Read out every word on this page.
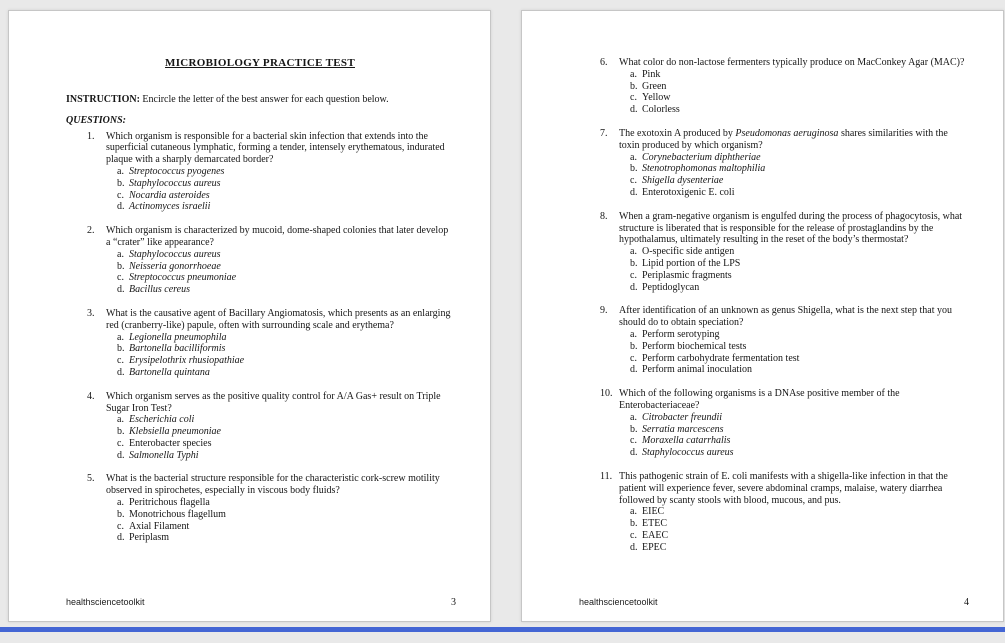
MICROBIOLOGY PRACTICE TEST
INSTRUCTION: Encircle the letter of the best answer for each question below.
QUESTIONS:
1.	Which organism is responsible for a bacterial skin infection that extends into the superficial cutaneous lymphatic, forming a tender, intensely erythematous, indurated plaque with a sharply demarcated border?
a. Streptococcus pyogenes
b. Staphylococcus aureus
c. Nocardia asteroides
d. Actinomyces israelii
2.	Which organism is characterized by mucoid, dome-shaped colonies that later develop a “crater” like appearance?
a. Staphylococcus aureus
b. Neisseria gonorrhoeae
c. Streptococcus pneumoniae
d. Bacillus cereus
3.	What is the causative agent of Bacillary Angiomatosis, which presents as an enlarging red (cranberry-like) papule, often with surrounding scale and erythema?
a. Legionella pneumophila
b. Bartonella bacilliformis
c. Erysipelothrix rhusiopathiae
d. Bartonella quintana
4.	Which organism serves as the positive quality control for A/A Gas+ result on Triple Sugar Iron Test?
a. Escherichia coli
b. Klebsiella pneumoniae
c. Enterobacter species
d. Salmonella Typhi
5.	What is the bacterial structure responsible for the characteristic cork-screw motility observed in spirochetes, especially in viscous body fluids?
a. Peritrichous flagella
b. Monotrichous flagellum
c. Axial Filament
d. Periplasm
healthsciencetoolkit	3
6.	What color do non-lactose fermenters typically produce on MacConkey Agar (MAC)?
a. Pink
b. Green
c. Yellow
d. Colorless
7.	The exotoxin A produced by Pseudomonas aeruginosa shares similarities with the toxin produced by which organism?
a. Corynebacterium diphtheriae
b. Stenotrophomonas maltophilia
c. Shigella dysenteriae
d. Enterotoxigenic E. coli
8.	When a gram-negative organism is engulfed during the process of phagocytosis, what structure is liberated that is responsible for the release of prostaglandins by the hypothalamus, ultimately resulting in the reset of the body’s thermostat?
a. O-specific side antigen
b. Lipid portion of the LPS
c. Periplasmic fragments
d. Peptidoglycan
9.	After identification of an unknown as genus Shigella, what is the next step that you should do to obtain speciation?
a. Perform serotyping
b. Perform biochemical tests
c. Perform carbohydrate fermentation test
d. Perform animal inoculation
10. Which of the following organisms is a DNAse positive member of the Enterobacteriaceae?
a. Citrobacter freundii
b. Serratia marcescens
c. Moraxella catarrhalis
d. Staphylococcus aureus
11. This pathogenic strain of E. coli manifests with a shigella-like infection in that the patient will experience fever, severe abdominal cramps, malaise, watery diarrhea followed by scanty stools with blood, mucous, and pus.
a. EIEC
b. ETEC
c. EAEC
d. EPEC
healthsciencetoolkit	4
